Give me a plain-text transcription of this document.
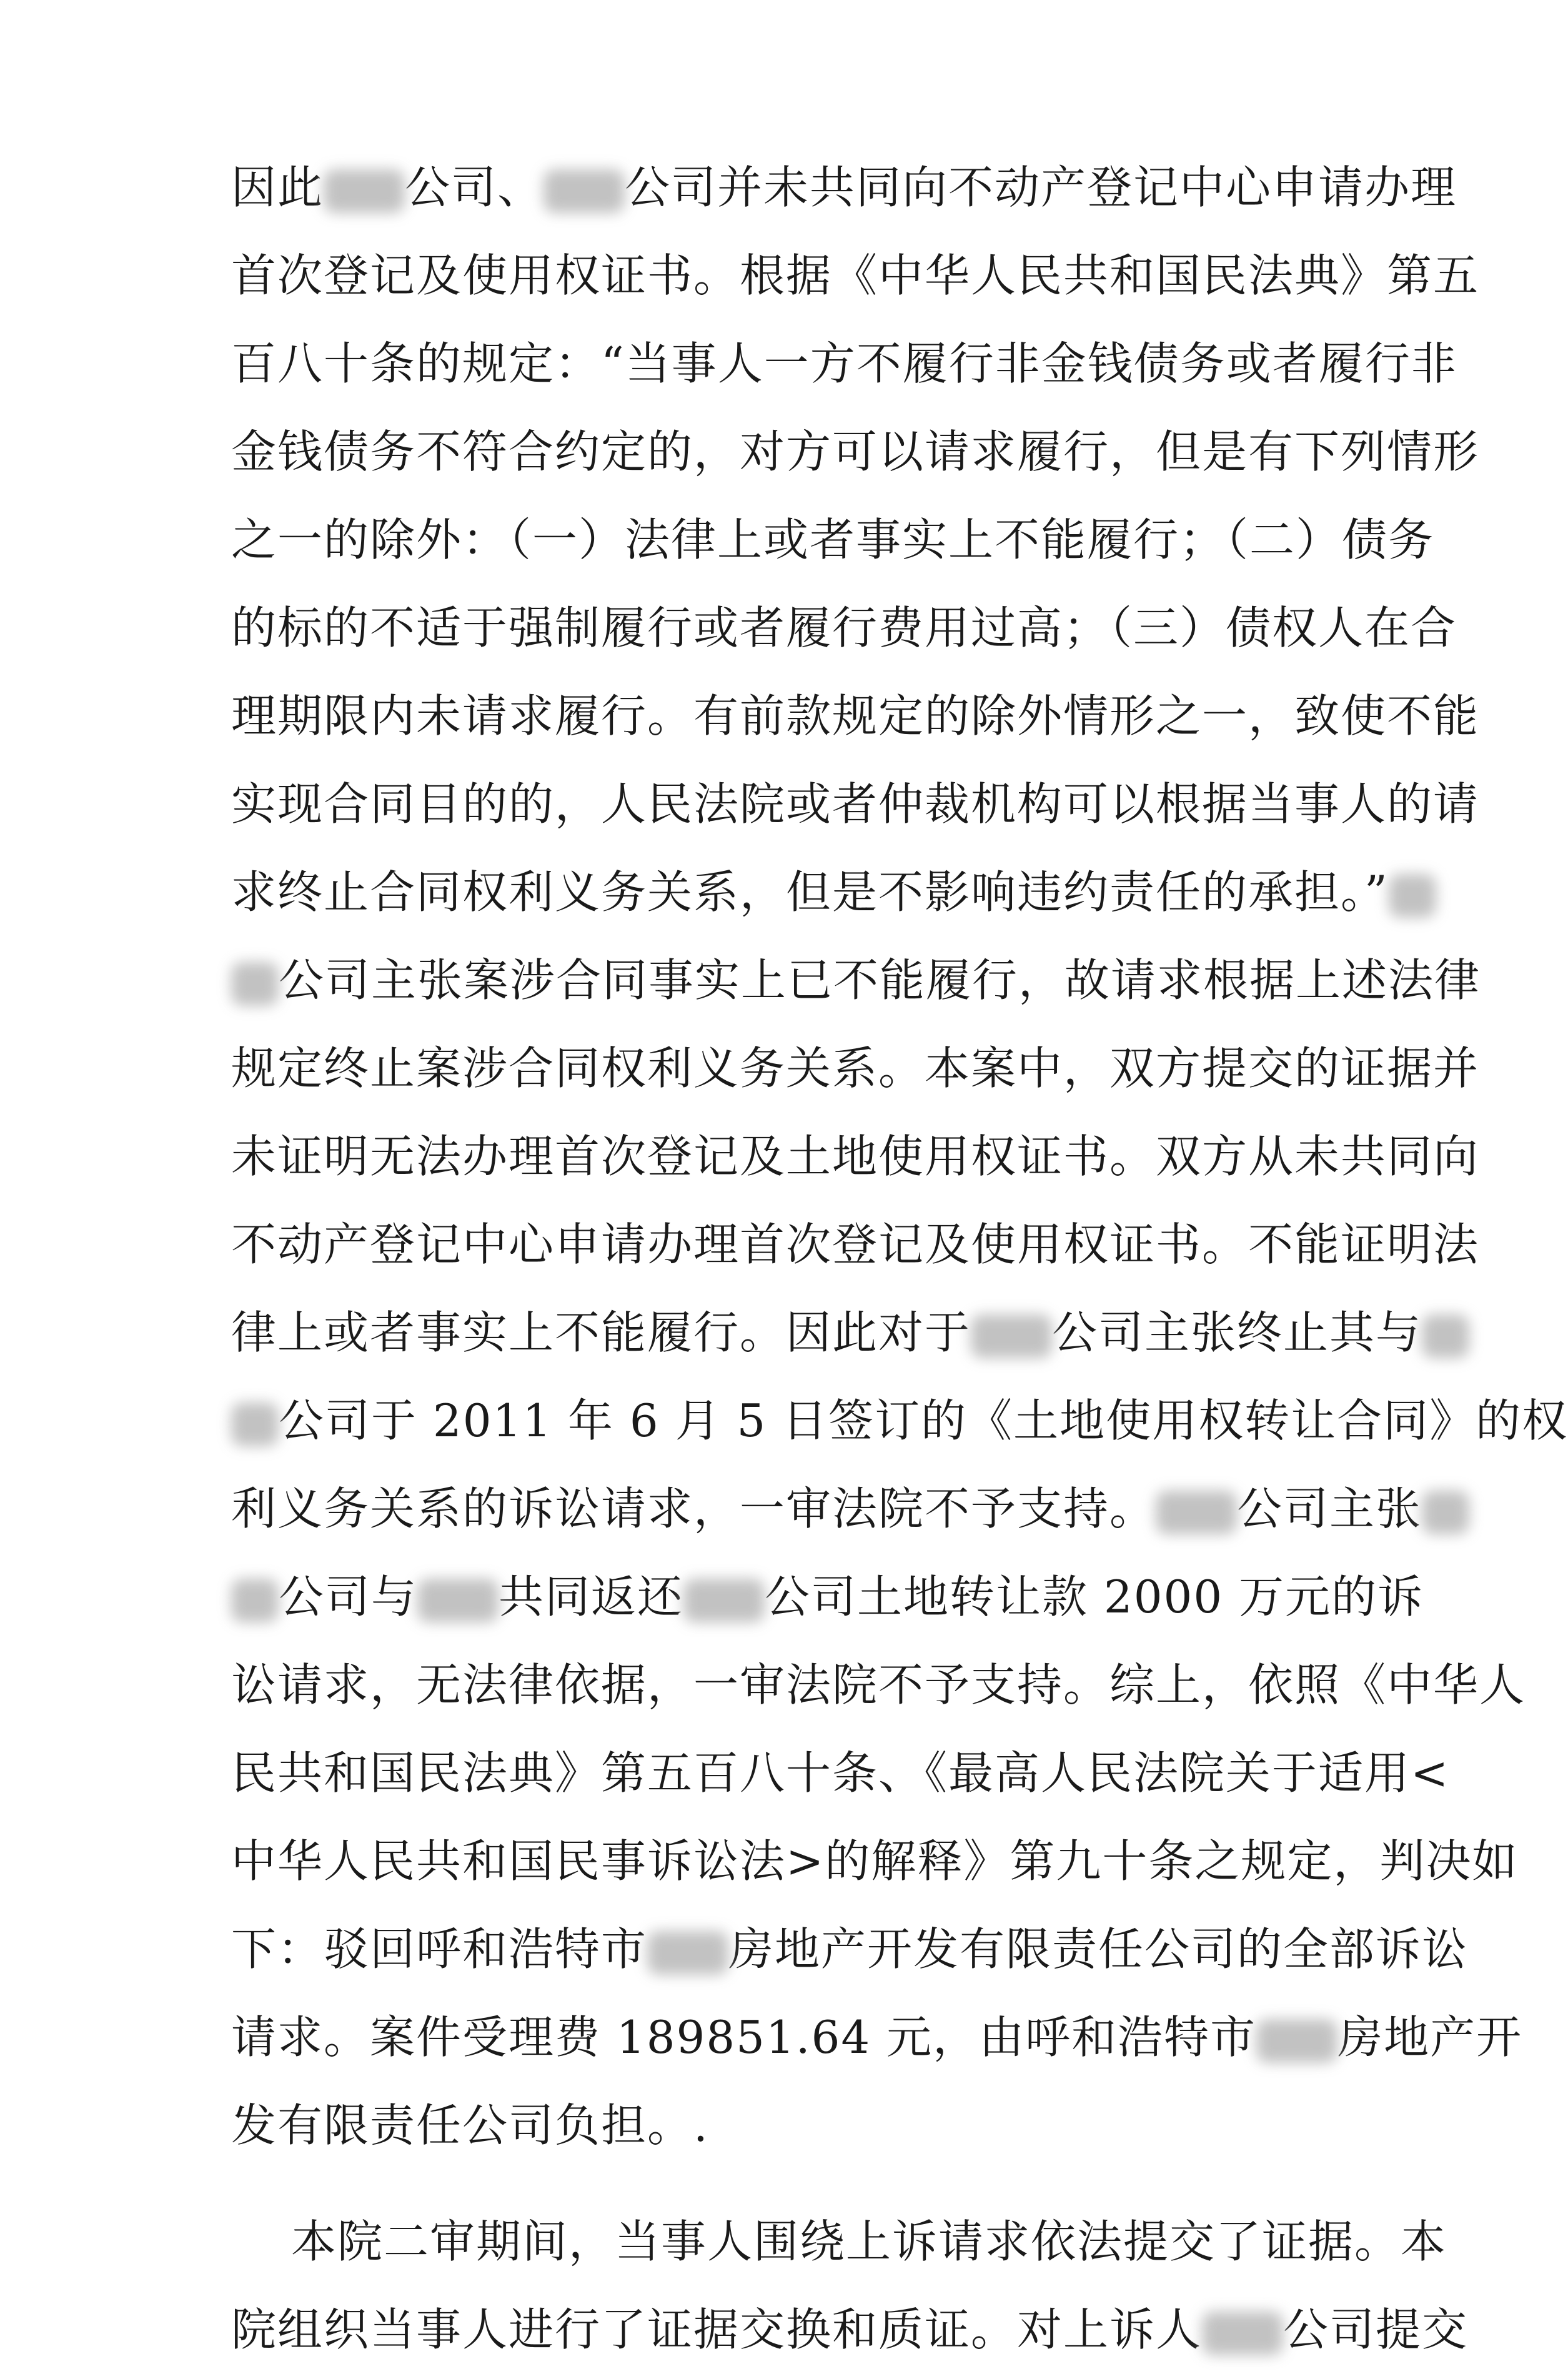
因此 公司、 公司并未共同向不动产登记中心申请办理
首次登记及使用权证书。根据《中华人民共和国民法典》第五
百八十条的规定：“当事人一方不履行非金钱债务或者履行非
金钱债务不符合约定的，对方可以请求履行，但是有下列情形
之一的除外：（一）法律上或者事实上不能履行；（二）债务
的标的不适于强制履行或者履行费用过高；（三）债权人在合
理期限内未请求履行。有前款规定的除外情形之一，致使不能
实现合同目的的，人民法院或者仲裁机构可以根据当事人的请
求终止合同权利义务关系，但是不影响违约责任的承担。”
公司主张案涉合同事实上已不能履行，故请求根据上述法律
规定终止案涉合同权利义务关系。本案中，双方提交的证据并
未证明无法办理首次登记及土地使用权证书。双方从未共同向
不动产登记中心申请办理首次登记及使用权证书。不能证明法
律上或者事实上不能履行。因此对于 公司主张终止其与
公司于 2011 年 6 月 5 日签订的《土地使用权转让合同》的权
利义务关系的诉讼请求，一审法院不予支持。 公司主张
公司与 共同返还 公司土地转让款 2000 万元的诉
讼请求，无法律依据，一审法院不予支持。综上，依照《中华人
民共和国民法典》第五百八十条、《最高人民法院关于适用<
中华人民共和国民事诉讼法>的解释》第九十条之规定，判决如
下：驳回呼和浩特市 房地产开发有限责任公司的全部诉讼
请求。案件受理费 189851.64 元，由呼和浩特市 房地产开
发有限责任公司负担。.
本院二审期间，当事人围绕上诉请求依法提交了证据。本
院组织当事人进行了证据交换和质证。对上诉人 公司提交
